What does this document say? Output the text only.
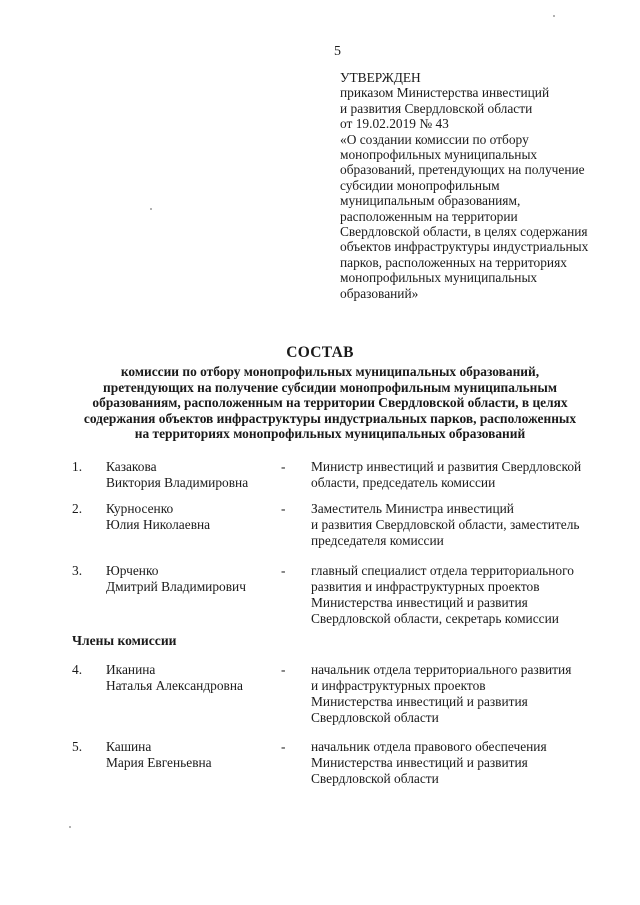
5
УТВЕРЖДЕН
приказом Министерства инвестиций
и развития Свердловской области
от 19.02.2019 № 43
«О создании комиссии по отбору
монопрофильных муниципальных
образований, претендующих на получение
субсидии монопрофильным
муниципальным образованиям,
расположенным на территории
Свердловской области, в целях содержания
объектов инфраструктуры индустриальных
парков, расположенных на территориях
монопрофильных муниципальных
образований»
СОСТАВ
комиссии по отбору монопрофильных муниципальных образований,
претендующих на получение субсидии монопрофильным муниципальным
образованиям, расположенным на территории Свердловской области, в целях
содержания объектов инфраструктуры индустриальных парков, расположенных
на территориях монопрофильных муниципальных образований
1. Казакова
Виктория Владимировна
- Министр инвестиций и развития Свердловской
области, председатель комиссии
2. Курносенко
Юлия Николаевна
- Заместитель Министра инвестиций
и развития Свердловской области, заместитель
председателя комиссии
3. Юрченко
Дмитрий Владимирович
- главный специалист отдела территориального
развития и инфраструктурных проектов
Министерства инвестиций и развития
Свердловской области, секретарь комиссии
Члены комиссии
4. Иканина
Наталья Александровна
- начальник отдела территориального развития
и инфраструктурных проектов
Министерства инвестиций и развития
Свердловской области
5. Кашина
Мария Евгеньевна
- начальник отдела правового обеспечения
Министерства инвестиций и развития
Свердловской области
